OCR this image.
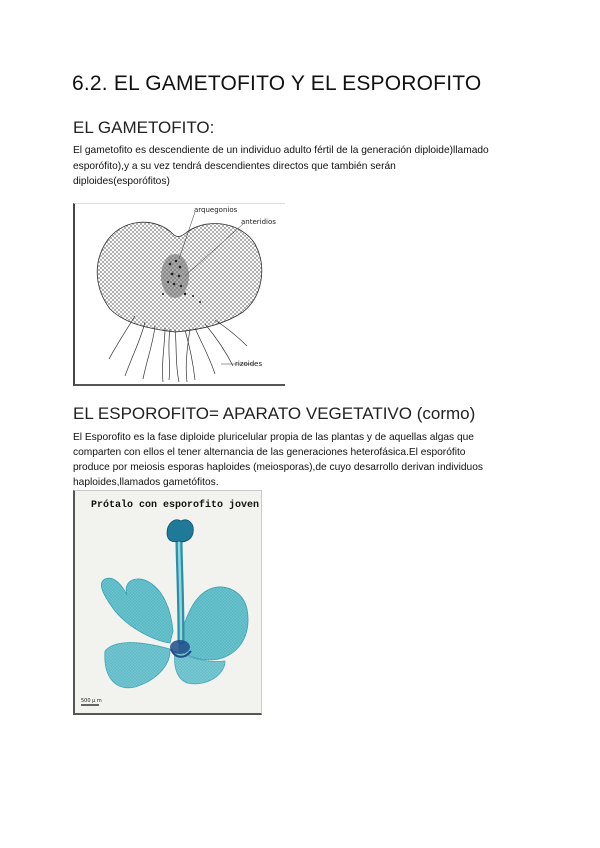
6.2. EL GAMETOFITO Y EL ESPOROFITO
EL GAMETOFITO:
El gametofito es descendiente de un individuo adulto fértil de la generación diploide)llamado
esporófito),y a su vez tendrá descendientes directos que también serán
diploides(esporófitos)
arquegonios
anteridios
rizoides
EL ESPOROFITO= APARATO VEGETATIVO (cormo)
El Esporofito es la fase diploide pluricelular propia de las plantas y de aquellas algas que
comparten con ellos el tener alternancia de las generaciones heterofásica.El esporófito
produce por meiosis esporas haploides (meiosporas),de cuyo desarrollo derivan individuos
haploides,llamados gametófitos.
Prótalo con esporofito joven
500 µ m
